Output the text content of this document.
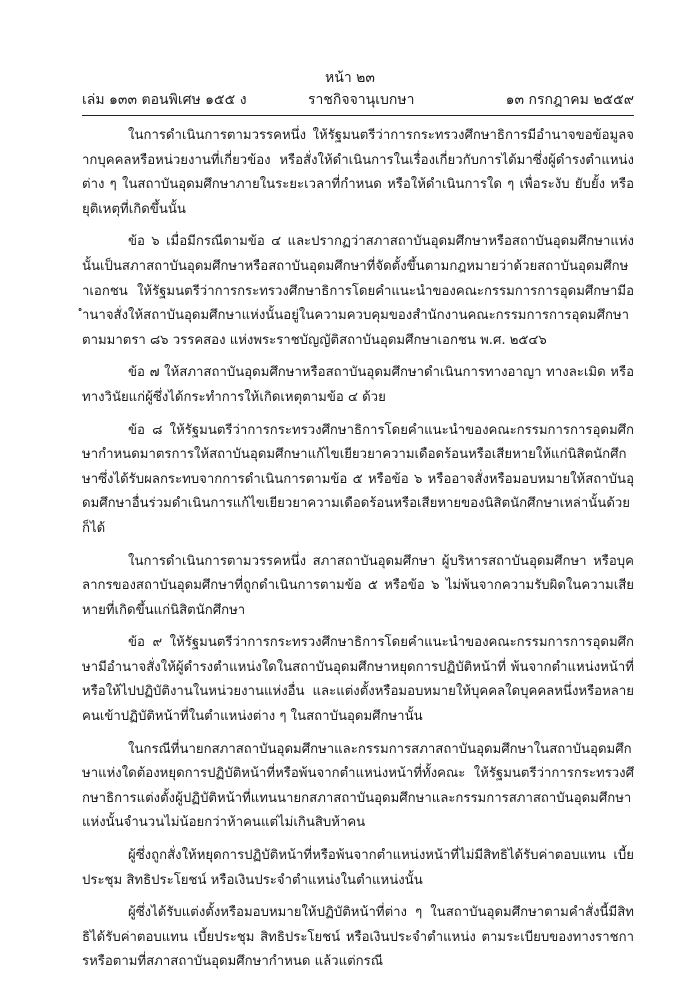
หน้า ๒๓
เล่ม ๑๓๓ ตอนพิเศษ ๑๕๕ ง	ราชกิจจานุเบกษา	๑๓ กรกฎาคม ๒๕๕๙

ในการดำเนินการตามวรรคหนึ่ง ให้รัฐมนตรีว่าการกระทรวงศึกษาธิการมีอำนาจขอข้อมูลจากบุคคลหรือหน่วยงานที่เกี่ยวข้อง หรือสั่งให้ดำเนินการในเรื่องเกี่ยวกับการได้มาซึ่งผู้ดำรงตำแหน่งต่าง ๆ ในสถาบันอุดมศึกษาภายในระยะเวลาที่กำหนด หรือให้ดำเนินการใด ๆ เพื่อระงับ ยับยั้ง หรือยุติเหตุที่เกิดขึ้นนั้น

ข้อ ๖ เมื่อมีกรณีตามข้อ ๔ และปรากฏว่าสภาสถาบันอุดมศึกษาหรือสถาบันอุดมศึกษาแห่งนั้นเป็นสภาสถาบันอุดมศึกษาหรือสถาบันอุดมศึกษาที่จัดตั้งขึ้นตามกฎหมายว่าด้วยสถาบันอุดมศึกษาเอกชน ให้รัฐมนตรีว่าการกระทรวงศึกษาธิการโดยคำแนะนำของคณะกรรมการการอุดมศึกษามีอำนาจสั่งให้สถาบันอุดมศึกษาแห่งนั้นอยู่ในความควบคุมของสำนักงานคณะกรรมการการอุดมศึกษาตามมาตรา ๘๖ วรรคสอง แห่งพระราชบัญญัติสถาบันอุดมศึกษาเอกชน พ.ศ. ๒๕๔๖

ข้อ ๗ ให้สภาสถาบันอุดมศึกษาหรือสถาบันอุดมศึกษาดำเนินการทางอาญา ทางละเมิด หรือทางวินัยแก่ผู้ซึ่งได้กระทำการให้เกิดเหตุตามข้อ ๔ ด้วย

ข้อ ๘ ให้รัฐมนตรีว่าการกระทรวงศึกษาธิการโดยคำแนะนำของคณะกรรมการการอุดมศึกษากำหนดมาตรการให้สถาบันอุดมศึกษาแก้ไขเยียวยาความเดือดร้อนหรือเสียหายให้แก่นิสิตนักศึกษาซึ่งได้รับผลกระทบจากการดำเนินการตามข้อ ๕ หรือข้อ ๖ หรืออาจสั่งหรือมอบหมายให้สถาบันอุดมศึกษาอื่นร่วมดำเนินการแก้ไขเยียวยาความเดือดร้อนหรือเสียหายของนิสิตนักศึกษาเหล่านั้นด้วยก็ได้

ในการดำเนินการตามวรรคหนึ่ง สภาสถาบันอุดมศึกษา ผู้บริหารสถาบันอุดมศึกษา หรือบุคลากรของสถาบันอุดมศึกษาที่ถูกดำเนินการตามข้อ ๕ หรือข้อ ๖ ไม่พ้นจากความรับผิดในความเสียหายที่เกิดขึ้นแก่นิสิตนักศึกษา

ข้อ ๙ ให้รัฐมนตรีว่าการกระทรวงศึกษาธิการโดยคำแนะนำของคณะกรรมการการอุดมศึกษามีอำนาจสั่งให้ผู้ดำรงตำแหน่งใดในสถาบันอุดมศึกษาหยุดการปฏิบัติหน้าที่ พ้นจากตำแหน่งหน้าที่ หรือให้ไปปฏิบัติงานในหน่วยงานแห่งอื่น และแต่งตั้งหรือมอบหมายให้บุคคลใดบุคคลหนึ่งหรือหลายคนเข้าปฏิบัติหน้าที่ในตำแหน่งต่าง ๆ ในสถาบันอุดมศึกษานั้น

ในกรณีที่นายกสภาสถาบันอุดมศึกษาและกรรมการสภาสถาบันอุดมศึกษาในสถาบันอุดมศึกษาแห่งใดต้องหยุดการปฏิบัติหน้าที่หรือพ้นจากตำแหน่งหน้าที่ทั้งคณะ ให้รัฐมนตรีว่าการกระทรวงศึกษาธิการแต่งตั้งผู้ปฏิบัติหน้าที่แทนนายกสภาสถาบันอุดมศึกษาและกรรมการสภาสถาบันอุดมศึกษาแห่งนั้นจำนวนไม่น้อยกว่าห้าคนแต่ไม่เกินสิบห้าคน

ผู้ซึ่งถูกสั่งให้หยุดการปฏิบัติหน้าที่หรือพ้นจากตำแหน่งหน้าที่ไม่มีสิทธิได้รับค่าตอบแทน เบี้ยประชุม สิทธิประโยชน์ หรือเงินประจำตำแหน่งในตำแหน่งนั้น

ผู้ซึ่งได้รับแต่งตั้งหรือมอบหมายให้ปฏิบัติหน้าที่ต่าง ๆ ในสถาบันอุดมศึกษาตามคำสั่งนี้มีสิทธิได้รับค่าตอบแทน เบี้ยประชุม สิทธิประโยชน์ หรือเงินประจำตำแหน่ง ตามระเบียบของทางราชการหรือตามที่สภาสถาบันอุดมศึกษากำหนด แล้วแต่กรณี
